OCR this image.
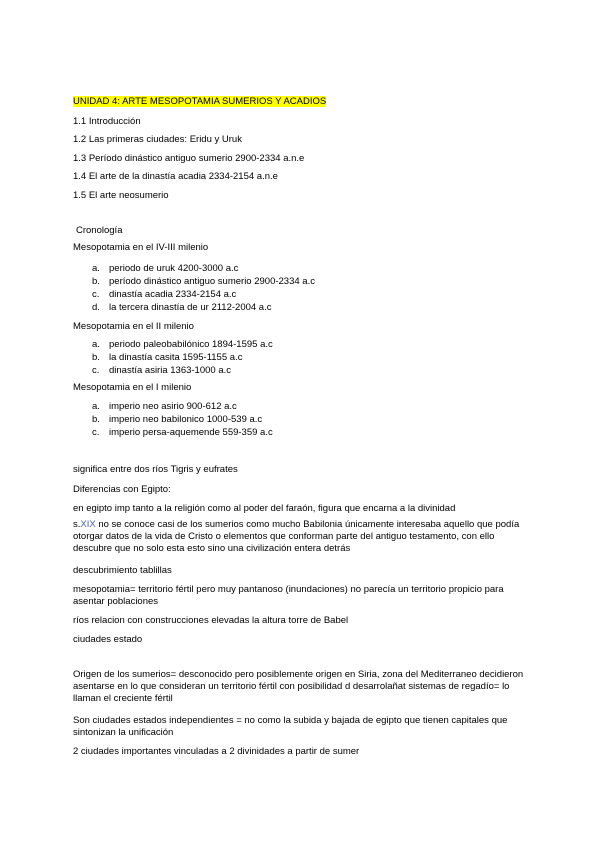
UNIDAD 4: ARTE MESOPOTAMIA SUMERIOS Y ACADIOS
1.1 Introducción
1.2 Las primeras ciudades: Eridu y Uruk
1.3 Período dinástico antiguo sumerio 2900-2334 a.n.e
1.4 El arte de la dinastía acadia 2334-2154 a.n.e
1.5 El arte neosumerio
Cronología
Mesopotamia en el IV-III milenio
a. periodo de uruk 4200-3000 a.c
b. período dinástico antiguo sumerio 2900-2334 a.c
c. dinastía acadia 2334-2154 a.c
d. la tercera dinastía de ur 2112-2004 a.c
Mesopotamia en el II milenio
a. periodo paleobabilónico 1894-1595 a.c
b. la dinastía casita 1595-1155 a.c
c. dinastía asiria 1363-1000 a.c
Mesopotamia en el I milenio
a. imperio neo asirio 900-612 a.c
b. imperio neo babilonico 1000-539 a.c
c. imperio persa-aquemende 559-359 a.c
significa entre dos ríos Tigris y eufrates
Diferencias con Egipto:
en egipto imp tanto a la religión como al poder del faraón, figura que encarna a la divinidad
s.XIX no se conoce casi de los sumerios como mucho Babilonia únicamente interesaba aquello que podía otorgar datos de la vida de Cristo o elementos que conforman parte del antiguo testamento, con ello descubre que no solo esta esto sino una civilización entera detrás
descubrimiento tablillas
mesopotamia= territorio fértil pero muy pantanoso (inundaciones) no parecía un territorio propicio para asentar poblaciones
ríos relacion con construcciones elevadas la altura torre de Babel
ciudades estado
Origen de los sumerios= desconocido pero posiblemente origen en Siria, zona del Mediterraneo decidieron asentarse en lo que consideran un territorio fértil con posibilidad d desarrolañat sistemas de regadío= lo llaman el creciente fértil
Son ciudades estados independientes = no como la subida y bajada de egipto que tienen capitales que sintonizan la unificación
2 ciudades importantes vinculadas a 2 divinidades a partir de sumer
